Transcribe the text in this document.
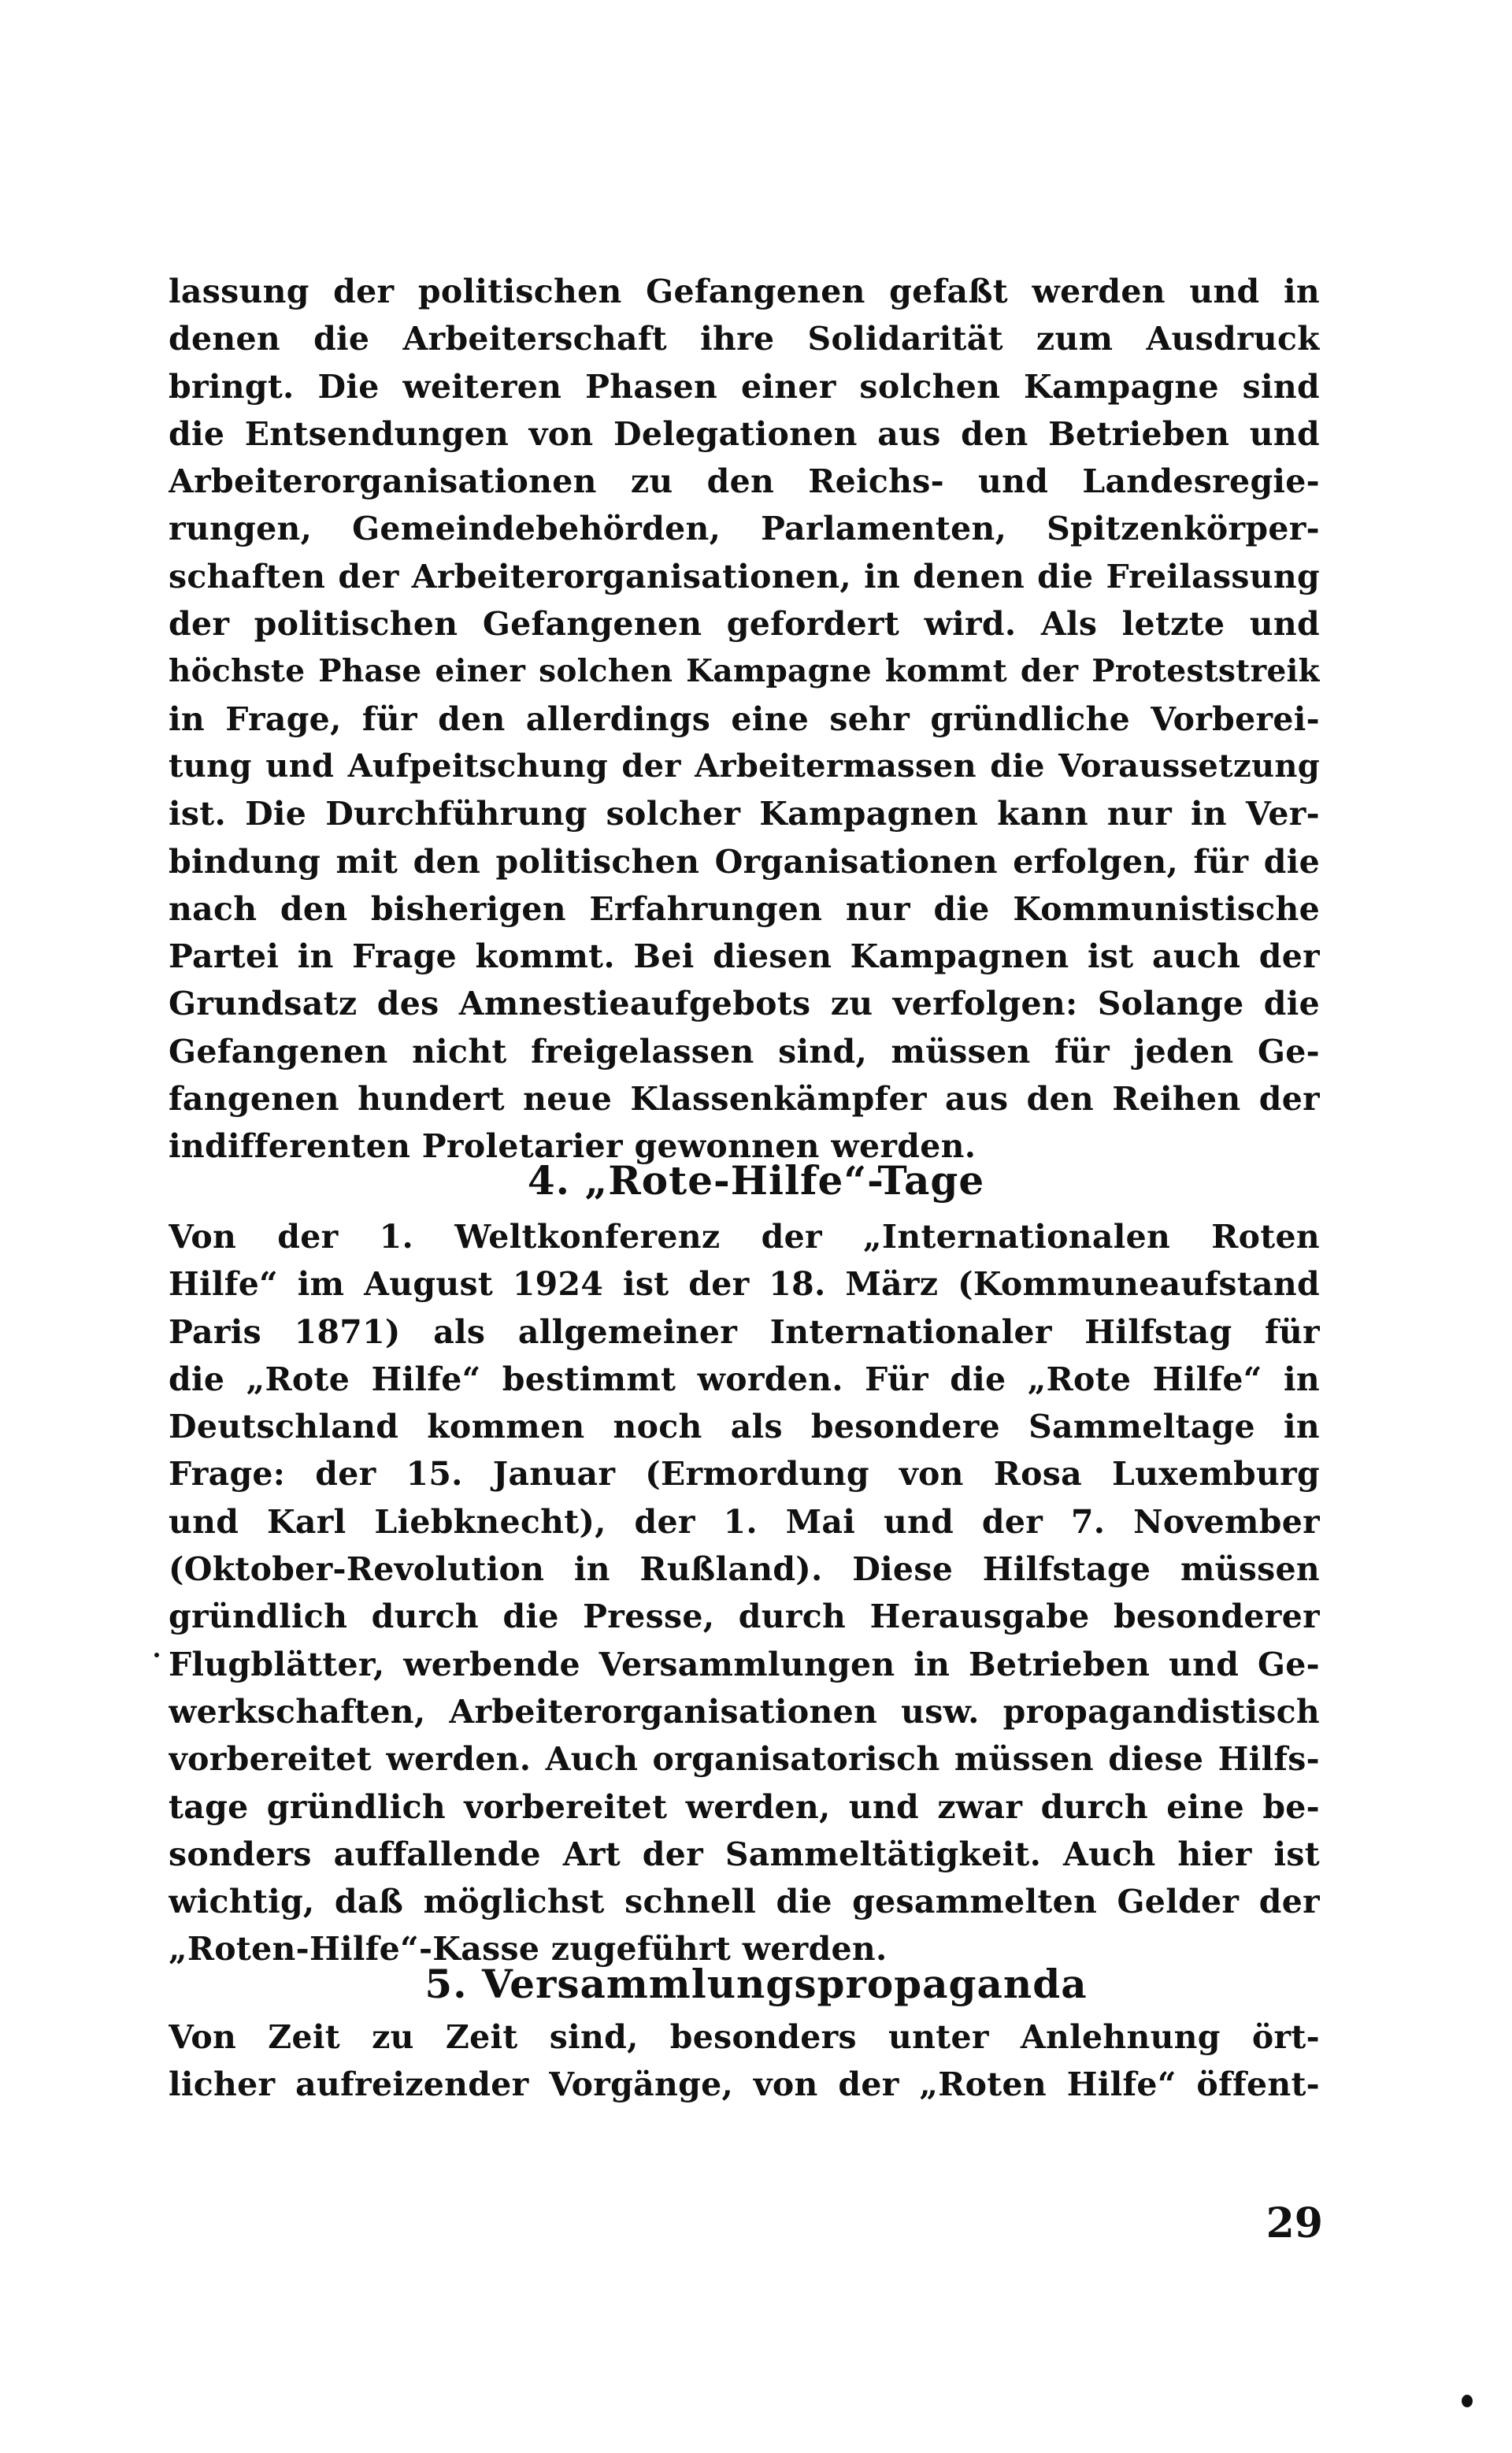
lassung der politischen Gefangenen gefaßt werden und in
denen die Arbeiterschaft ihre Solidarität zum Ausdruck
bringt. Die weiteren Phasen einer solchen Kampagne sind
die Entsendungen von Delegationen aus den Betrieben und
Arbeiterorganisationen zu den Reichs- und Landesregie-
rungen, Gemeindebehörden, Parlamenten, Spitzenkörper-
schaften der Arbeiterorganisationen, in denen die Freilassung
der politischen Gefangenen gefordert wird. Als letzte und
höchste Phase einer solchen Kampagne kommt der Proteststreik
in Frage, für den allerdings eine sehr gründliche Vorberei-
tung und Aufpeitschung der Arbeitermassen die Voraussetzung
ist. Die Durchführung solcher Kampagnen kann nur in Ver-
bindung mit den politischen Organisationen erfolgen, für die
nach den bisherigen Erfahrungen nur die Kommunistische
Partei in Frage kommt. Bei diesen Kampagnen ist auch der
Grundsatz des Amnestieaufgebots zu verfolgen: Solange die
Gefangenen nicht freigelassen sind, müssen für jeden Ge-
fangenen hundert neue Klassenkämpfer aus den Reihen der
indifferenten Proletarier gewonnen werden.
4. „Rote-Hilfe“-Tage
Von der 1. Weltkonferenz der „Internationalen Roten
Hilfe“ im August 1924 ist der 18. März (Kommuneaufstand
Paris 1871) als allgemeiner Internationaler Hilfstag für
die „Rote Hilfe“ bestimmt worden. Für die „Rote Hilfe“ in
Deutschland kommen noch als besondere Sammeltage in
Frage: der 15. Januar (Ermordung von Rosa Luxemburg
und Karl Liebknecht), der 1. Mai und der 7. November
(Oktober-Revolution in Rußland). Diese Hilfstage müssen
gründlich durch die Presse, durch Herausgabe besonderer
Flugblätter, werbende Versammlungen in Betrieben und Ge-
werkschaften, Arbeiterorganisationen usw. propagandistisch
vorbereitet werden. Auch organisatorisch müssen diese Hilfs-
tage gründlich vorbereitet werden, und zwar durch eine be-
sonders auffallende Art der Sammeltätigkeit. Auch hier ist
wichtig, daß möglichst schnell die gesammelten Gelder der
„Roten-Hilfe“-Kasse zugeführt werden.
5. Versammlungspropaganda
Von Zeit zu Zeit sind, besonders unter Anlehnung ört-
licher aufreizender Vorgänge, von der „Roten Hilfe“ öffent-
29
